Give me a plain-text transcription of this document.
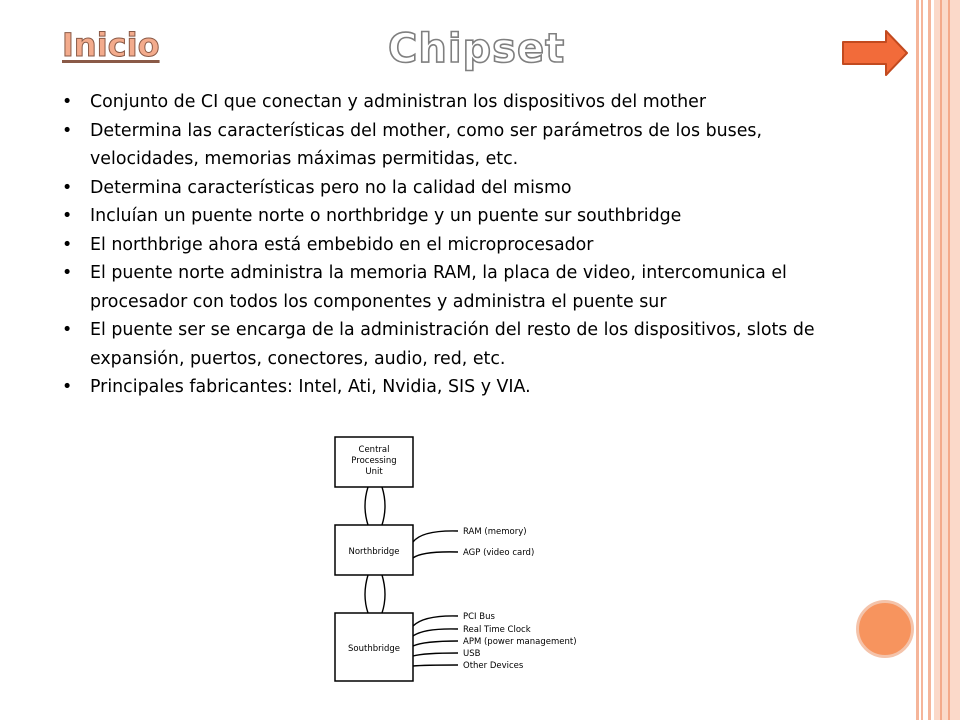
Inicio	Chipset
• Conjunto de CI que conectan y administran los dispositivos del mother
• Determina las características del mother, como ser parámetros de los buses, velocidades, memorias máximas permitidas, etc.
• Determina características pero no la calidad del mismo
• Incluían un puente norte o northbridge y un puente sur southbridge
• El northbrige ahora está embebido en el microprocesador
• El puente norte administra la memoria RAM, la placa de video, intercomunica el procesador con todos los componentes y administra el puente sur
• El puente ser se encarga de la administración del resto de los dispositivos, slots de expansión, puertos, conectores, audio, red, etc.
• Principales fabricantes: Intel, Ati, Nvidia, SIS y VIA.
Central
Processing
Unit
Northbridge
RAM (memory)
AGP (video card)
Southbridge
PCI Bus
Real Time Clock
APM (power management)
USB
Other Devices
